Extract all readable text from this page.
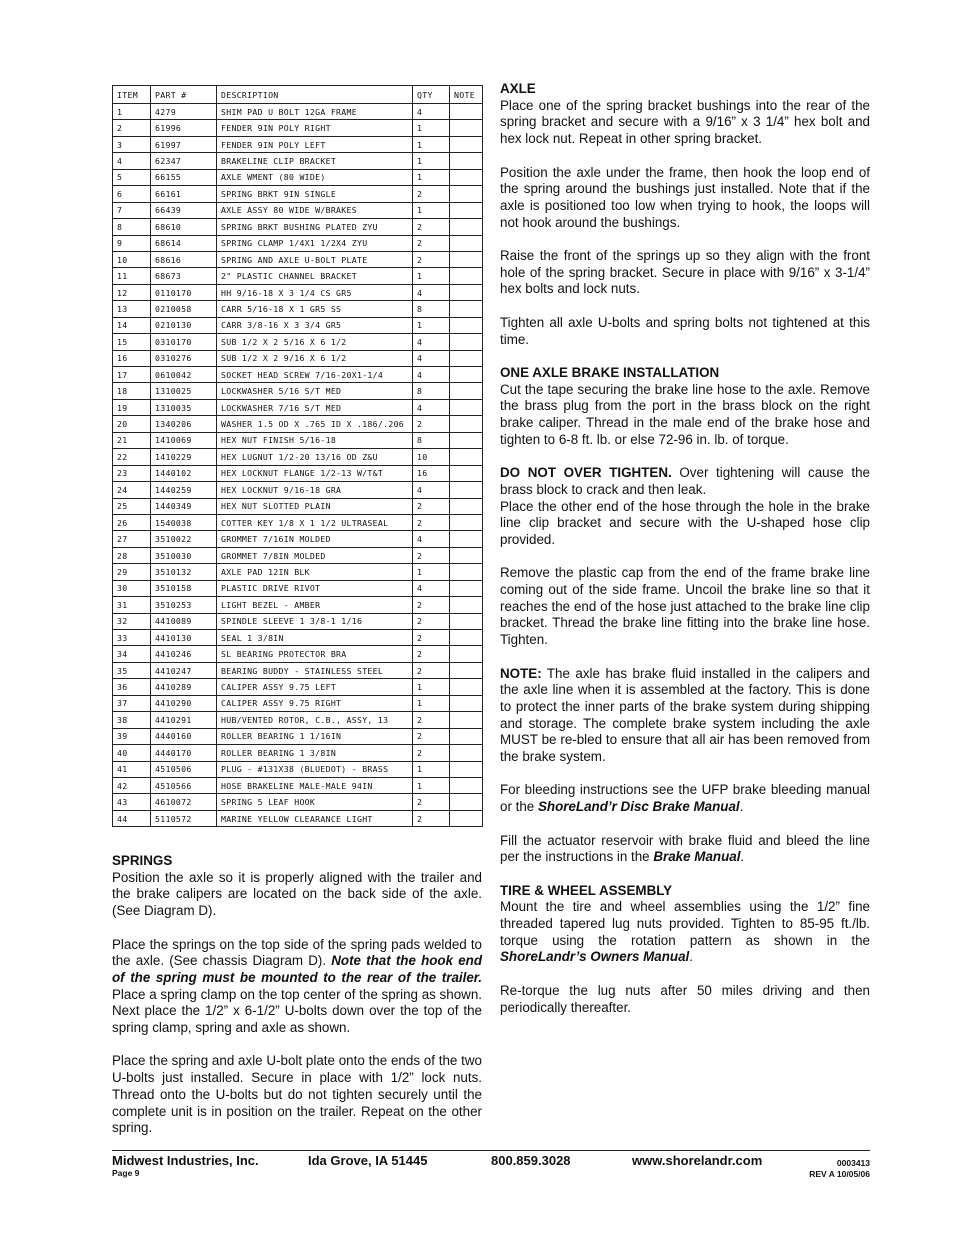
ITEM	PART #	DESCRIPTION	QTY	NOTE
1	4279	SHIM PAD U BOLT 12GA FRAME	4	
2	61996	FENDER 9IN POLY RIGHT	1	
3	61997	FENDER 9IN POLY LEFT	1	
4	62347	BRAKELINE CLIP BRACKET	1	
5	66155	AXLE WMENT (80 WIDE)	1	
6	66161	SPRING BRKT 9IN SINGLE	2	
7	66439	AXLE ASSY 80 WIDE W/BRAKES	1	
8	68610	SPRING BRKT BUSHING PLATED ZYU	2	
9	68614	SPRING CLAMP 1/4X1 1/2X4 ZYU	2	
10	68616	SPRING AND AXLE U-BOLT PLATE	2	
11	68673	2" PLASTIC CHANNEL BRACKET	1	
12	0110170	HH 9/16-18 X 3 1/4 CS GR5	4	
13	0210058	CARR 5/16-18 X 1 GR5 SS	8	
14	0210130	CARR 3/8-16 X 3 3/4 GR5	1	
15	0310170	SUB 1/2 X 2 5/16 X 6 1/2	4	
16	0310276	SUB 1/2 X 2 9/16 X 6 1/2	4	
17	0610042	SOCKET HEAD SCREW 7/16-20X1-1/4	4	
18	1310025	LOCKWASHER 5/16 S/T MED	8	
19	1310035	LOCKWASHER 7/16 S/T MED	4	
20	1340206	WASHER 1.5 OD X .765 ID X .186/.206	2	
21	1410069	HEX NUT FINISH 5/16-18	8	
22	1410229	HEX LUGNUT 1/2-20 13/16 OD Z&U	10	
23	1440102	HEX LOCKNUT FLANGE 1/2-13 W/T&T	16	
24	1440259	HEX LOCKNUT 9/16-18 GRA	4	
25	1440349	HEX NUT SLOTTED PLAIN	2	
26	1540038	COTTER KEY 1/8 X 1 1/2 ULTRASEAL	2	
27	3510022	GROMMET 7/16IN MOLDED	4	
28	3510030	GROMMET 7/8IN MOLDED	2	
29	3510132	AXLE PAD 12IN BLK	1	
30	3510158	PLASTIC DRIVE RIVOT	4	
31	3510253	LIGHT BEZEL - AMBER	2	
32	4410089	SPINDLE SLEEVE 1 3/8-1 1/16	2	
33	4410130	SEAL 1 3/8IN	2	
34	4410246	SL BEARING PROTECTOR BRA	2	
35	4410247	BEARING BUDDY - STAINLESS STEEL	2	
36	4410289	CALIPER ASSY 9.75 LEFT	1	
37	4410290	CALIPER ASSY 9.75 RIGHT	1	
38	4410291	HUB/VENTED ROTOR, C.B., ASSY, 13	2	
39	4440160	ROLLER BEARING 1 1/16IN	2	
40	4440170	ROLLER BEARING 1 3/8IN	2	
41	4510506	PLUG - #131X38 (BLUEDOT) - BRASS	1	
42	4510566	HOSE BRAKELINE MALE-MALE 94IN	1	
43	4610072	SPRING 5 LEAF HOOK	2	
44	5110572	MARINE YELLOW CLEARANCE LIGHT	2	
SPRINGS

Position the axle so it is properly aligned with the trailer and the brake calipers are located on the back side of the axle. (See Diagram D).

Place the springs on the top side of the spring pads welded to the axle. (See chassis Diagram D). Note that the hook end of the spring must be mounted to the rear of the trailer. Place a spring clamp on the top center of the spring as shown. Next place the 1/2” x 6-1/2” U-bolts down over the top of the spring clamp, spring and axle as shown.

Place the spring and axle U-bolt plate onto the ends of the two U-bolts just installed. Secure in place with 1/2” lock nuts. Thread onto the U-bolts but do not tighten securely until the complete unit is in position on the trailer. Repeat on the other spring.

AXLE

Place one of the spring bracket bushings into the rear of the spring bracket and secure with a 9/16” x 3 1/4” hex bolt and hex lock nut. Repeat in other spring bracket.

Position the axle under the frame, then hook the loop end of the spring around the bushings just installed. Note that if the axle is positioned too low when trying to hook, the loops will not hook around the bushings.

Raise the front of the springs up so they align with the front hole of the spring bracket. Secure in place with 9/16” x 3-1/4” hex bolts and lock nuts.

Tighten all axle U-bolts and spring bolts not tightened at this time.

ONE AXLE BRAKE INSTALLATION

Cut the tape securing the brake line hose to the axle. Remove the brass plug from the port in the brass block on the right brake caliper. Thread in the male end of the brake hose and tighten to 6-8 ft. lb. or else 72-96 in. lb. of torque.

DO NOT OVER TIGHTEN. Over tightening will cause the brass block to crack and then leak.

Place the other end of the hose through the hole in the brake line clip bracket and secure with the U-shaped hose clip provided.

Remove the plastic cap from the end of the frame brake line coming out of the side frame. Uncoil the brake line so that it reaches the end of the hose just attached to the brake line clip bracket. Thread the brake line fitting into the brake line hose. Tighten.

NOTE: The axle has brake fluid installed in the calipers and the axle line when it is assembled at the factory. This is done to protect the inner parts of the brake system during shipping and storage. The complete brake system including the axle MUST be re-bled to ensure that all air has been removed from the brake system.

For bleeding instructions see the UFP brake bleeding manual or the ShoreLand’r Disc Brake Manual.

Fill the actuator reservoir with brake fluid and bleed the line per the instructions in the Brake Manual.

TIRE & WHEEL ASSEMBLY

Mount the tire and wheel assemblies using the 1/2” fine threaded tapered lug nuts provided. Tighten to 85-95 ft./lb. torque using the rotation pattern as shown in the ShoreLandr’s Owners Manual.

Re-torque the lug nuts after 50 miles driving and then periodically thereafter.

Midwest Industries, Inc.	Ida Grove, IA 51445	800.859.3028	www.shorelandr.com
Page 9
0003413
REV A 10/05/06
